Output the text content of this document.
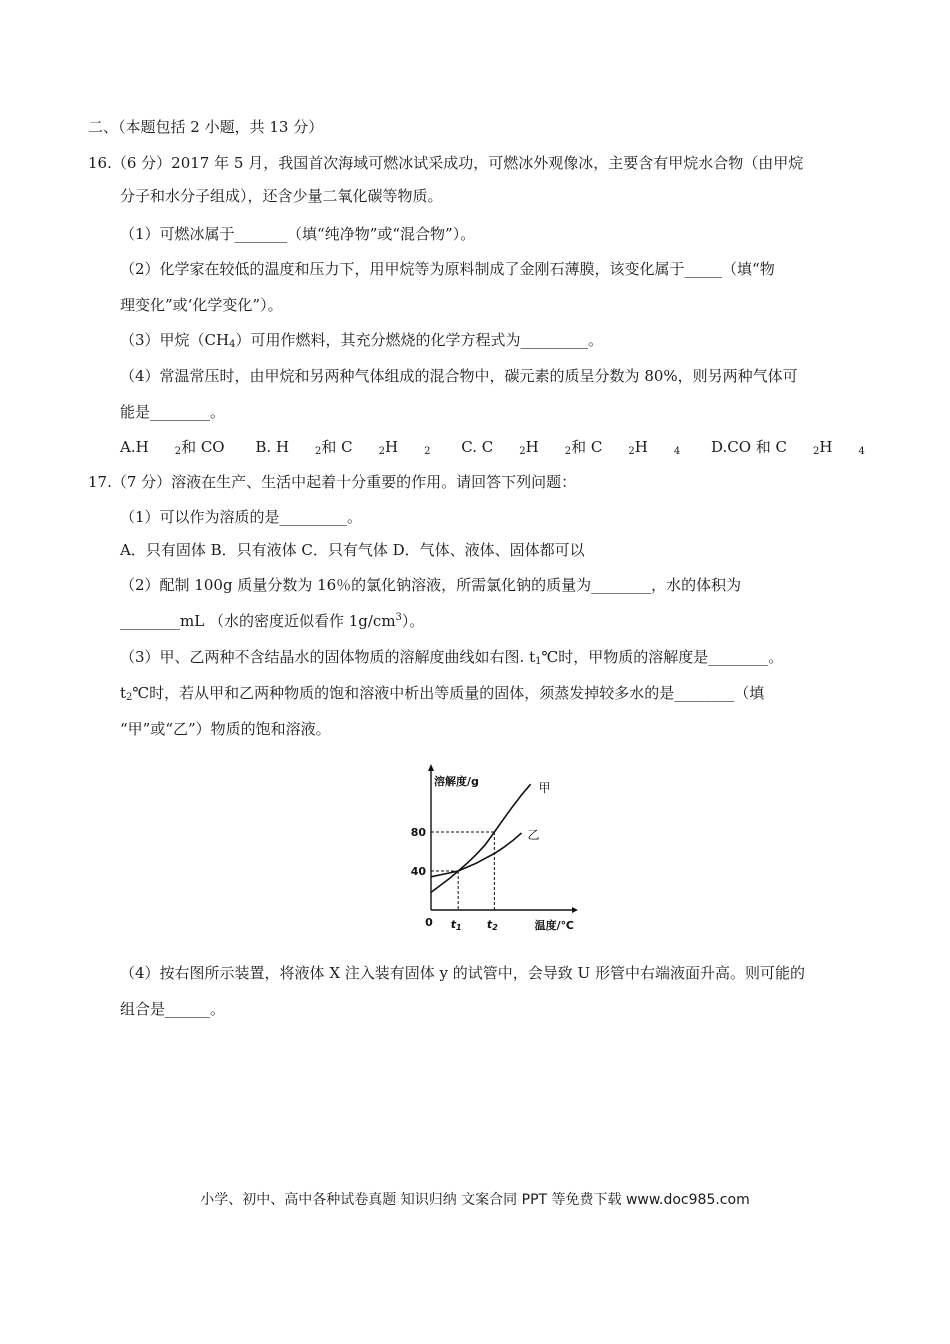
二、（本题包括 2 小题，共 13 分）
16.（6 分）2017 年 5 月，我国首次海域可燃冰试采成功，可燃冰外观像冰，主要含有甲烷水合物（由甲烷
分子和水分子组成），还含少量二氧化碳等物质。
（1）可燃冰属于_______（填“纯净物”或“混合物”）。
（2）化学家在较低的温度和压力下，用甲烷等为原料制成了金刚石薄膜，该变化属于_____（填“物
理变化”或‘化学变化”）。
（3）甲烷$(CH_4)$可用作燃料，其充分燃烧的化学方程式为_________。
（4）常温常压时，由甲烷和另两种气体组成的混合物中，碳元素的质呈分数为 80%，则另两种气体可
能是________。
A.H	$_2$和 CO B. H	$_2$和 C	$_2$H	$_2$ C. C	$_2$H	$_2$和 C	$_2$H	$_4$ D.CO 和 C	$_2$H	$_4$
17.（7 分）溶液在生产、生活中起着十分重要的作用。请回答下列问题：
（1）可以作为溶质的是_________。
A．只有固体 B．只有液体 C．只有气体 D．气体、液体、固体都可以
（2）配制 100g 质量分数为 16％的氯化钠溶液，所需氯化钠的质量为________，水的体积为
________mL （水的密度近似看作 $1g/cm^3$）。
（3）甲、乙两种不含结晶水的固体物质的溶解度曲线如右图. $t_1℃$时，甲物质的溶解度是________。
$t_2℃$时，若从甲和乙两种物质的饱和溶液中析出等质量的固体，须蒸发掉较多水的是________（填
“甲”或“乙”）物质的饱和溶液。
溶解度/g
温度/℃
0
40
t1
80
t2
甲
乙
（4）按右图所示装置，将液体 X 注入装有固体 y 的试管中，会导致 U 形管中右端液面升高。则可能的
组合是______。
小学、初中、高中各种试卷真题 知识归纳 文案合同 PPT 等免费下载 www.doc985.com
